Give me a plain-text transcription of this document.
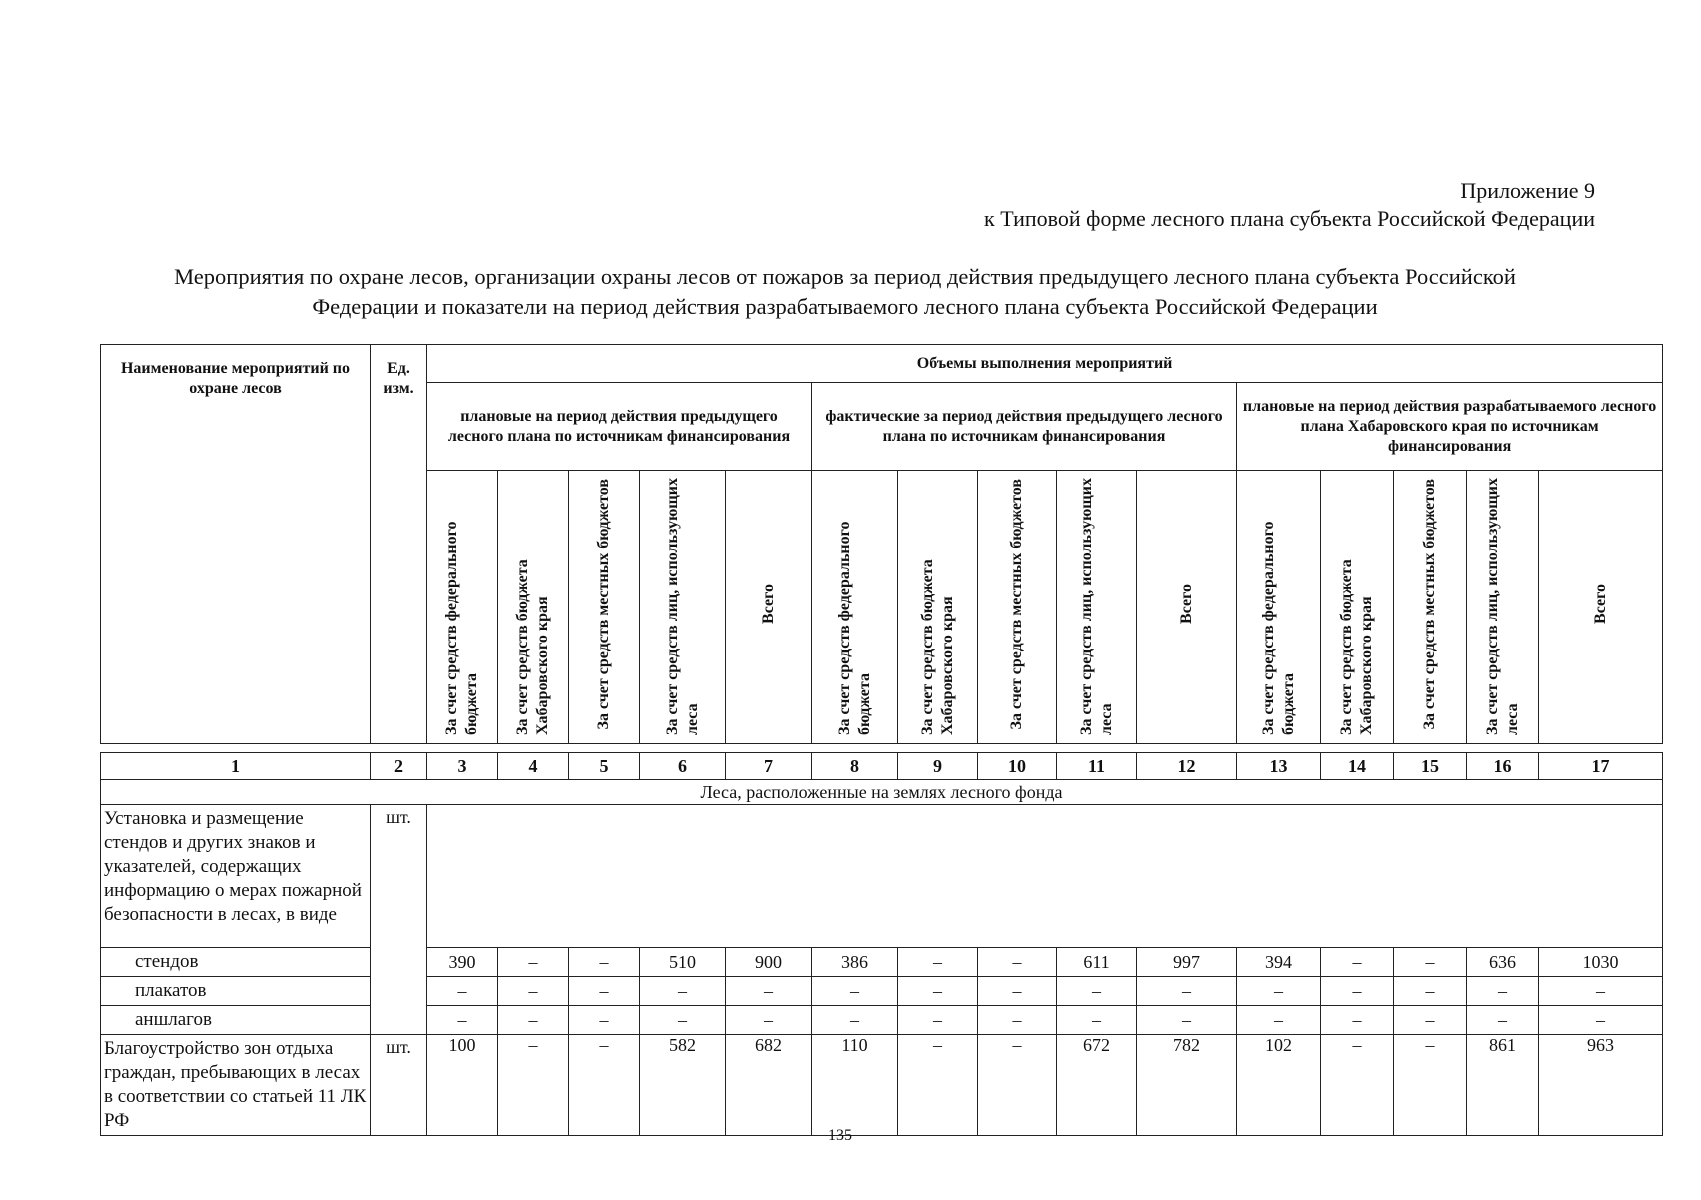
Приложение 9
к Типовой форме лесного плана субъекта Российской Федерации
Мероприятия по охране лесов, организации охраны лесов от пожаров за период действия предыдущего лесного плана субъекта Российской
Федерации и показатели на период действия разрабатываемого лесного плана субъекта Российской Федерации
Наименование мероприятий по охране лесов	Ед. изм.	Объемы выполнения мероприятий														
		плановые на период действия предыдущего лесного плана по источникам финансирования					фактические за период действия предыдущего лесного плана по источникам финансирования					плановые на период действия разрабатываемого лесного плана Хабаровского края по источникам финансирования				
		За счет средств федерального бюджета	За счет средств бюджета Хабаровского края	За счет средств местных бюджетов	За счет средств лиц, использующих леса	Всего	За счет средств федерального бюджета	За счет средств бюджета Хабаровского края	За счет средств местных бюджетов	За счет средств лиц, использующих леса	Всего	За счет средств федерального бюджета	За счет средств бюджета Хабаровского края	За счет средств местных бюджетов	За счет средств лиц, использующих леса	Всего
1	2	3	4	5	6	7	8	9	10	11	12	13	14	15	16	17
Леса, расположенные на землях лесного фонда																
Установка и размещение стендов и других знаков и указателей, содержащих информацию о мерах пожарной безопасности в лесах, в виде	шт.															
стендов		390	–	–	510	900	386	–	–	611	997	394	–	–	636	1030
плакатов		–	–	–	–	–	–	–	–	–	–	–	–	–	–	–
аншлагов		–	–	–	–	–	–	–	–	–	–	–	–	–	–	–
Благоустройство зон отдыха граждан, пребывающих в лесах в соответствии со статьей 11 ЛК РФ	шт.	100	–	–	582	682	110	–	–	672	782	102	–	–	861	963
135
